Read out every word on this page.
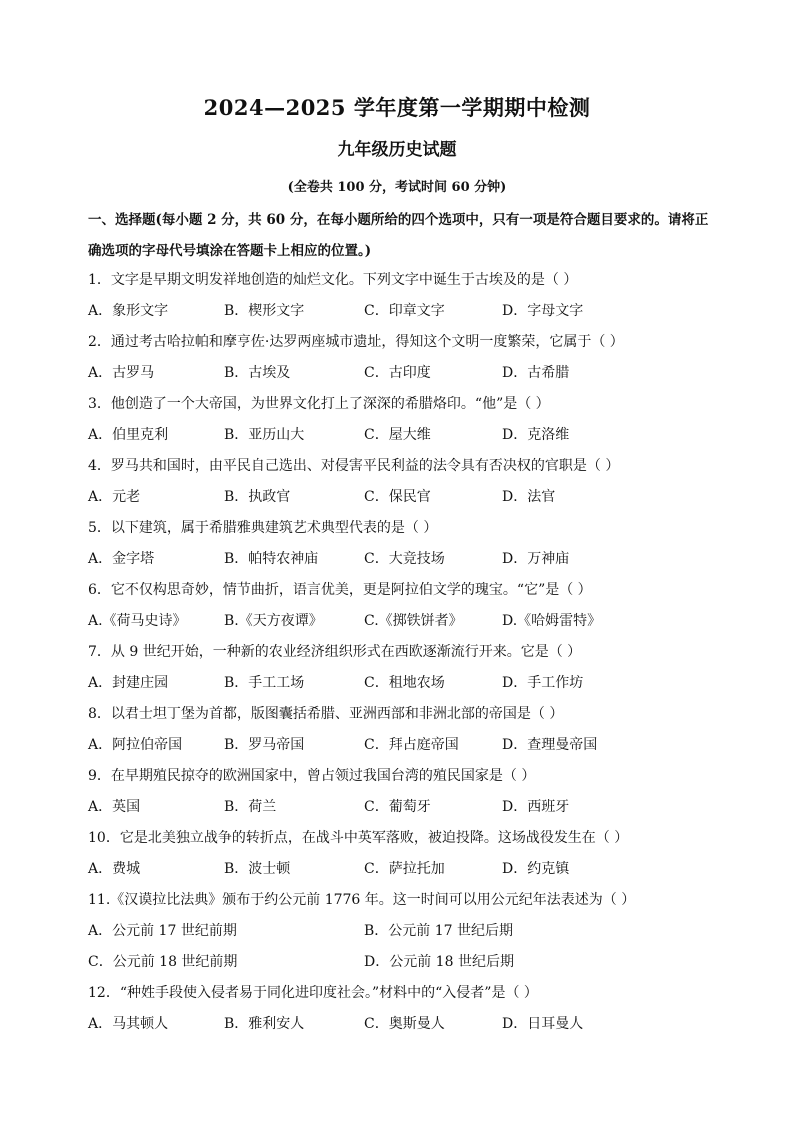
2024—2025 学年度第一学期期中检测
九年级历史试题
(全卷共 100 分，考试时间 60 分钟)
一、选择题(每小题 2 分，共 60 分，在每小题所给的四个选项中，只有一项是符合题目要求的。请将正确选项的字母代号填涂在答题卡上相应的位置。)
1．文字是早期文明发祥地创造的灿烂文化。下列文字中诞生于古埃及的是（ ）
A．象形文字	B．楔形文字	C．印章文字	D．字母文字
2．通过考古哈拉帕和摩亨佐·达罗两座城市遗址，得知这个文明一度繁荣，它属于（ ）
A．古罗马	B．古埃及	C．古印度	D．古希腊
3．他创造了一个大帝国，为世界文化打上了深深的希腊烙印。“他”是（ ）
A．伯里克利	B．亚历山大	C．屋大维	D．克洛维
4．罗马共和国时，由平民自己选出、对侵害平民利益的法令具有否决权的官职是（ ）
A．元老	B．执政官	C．保民官	D．法官
5．以下建筑，属于希腊雅典建筑艺术典型代表的是（ ）
A．金字塔	B．帕特农神庙	C．大竞技场	D．万神庙
6．它不仅构思奇妙，情节曲折，语言优美，更是阿拉伯文学的瑰宝。“它”是（ ）
A.《荷马史诗》	B.《天方夜谭》	C.《掷铁饼者》	D.《哈姆雷特》
7．从 9 世纪开始，一种新的农业经济组织形式在西欧逐渐流行开来。它是（ ）
A．封建庄园	B．手工工场	C．租地农场	D．手工作坊
8．以君士坦丁堡为首都，版图囊括希腊、亚洲西部和非洲北部的帝国是（ ）
A．阿拉伯帝国	B．罗马帝国	C．拜占庭帝国	D．查理曼帝国
9．在早期殖民掠夺的欧洲国家中，曾占领过我国台湾的殖民国家是（ ）
A．英国	B．荷兰	C．葡萄牙	D．西班牙
10．它是北美独立战争的转折点，在战斗中英军落败，被迫投降。这场战役发生在（ ）
A．费城	B．波士顿	C．萨拉托加	D．约克镇
11.《汉谟拉比法典》颁布于约公元前 1776 年。这一时间可以用公元纪年法表述为（ ）
A．公元前 17 世纪前期	B．公元前 17 世纪后期
C．公元前 18 世纪前期	D．公元前 18 世纪后期
12．“种姓手段使入侵者易于同化进印度社会。”材料中的“入侵者”是（ ）
A．马其顿人	B．雅利安人	C．奥斯曼人	D．日耳曼人
